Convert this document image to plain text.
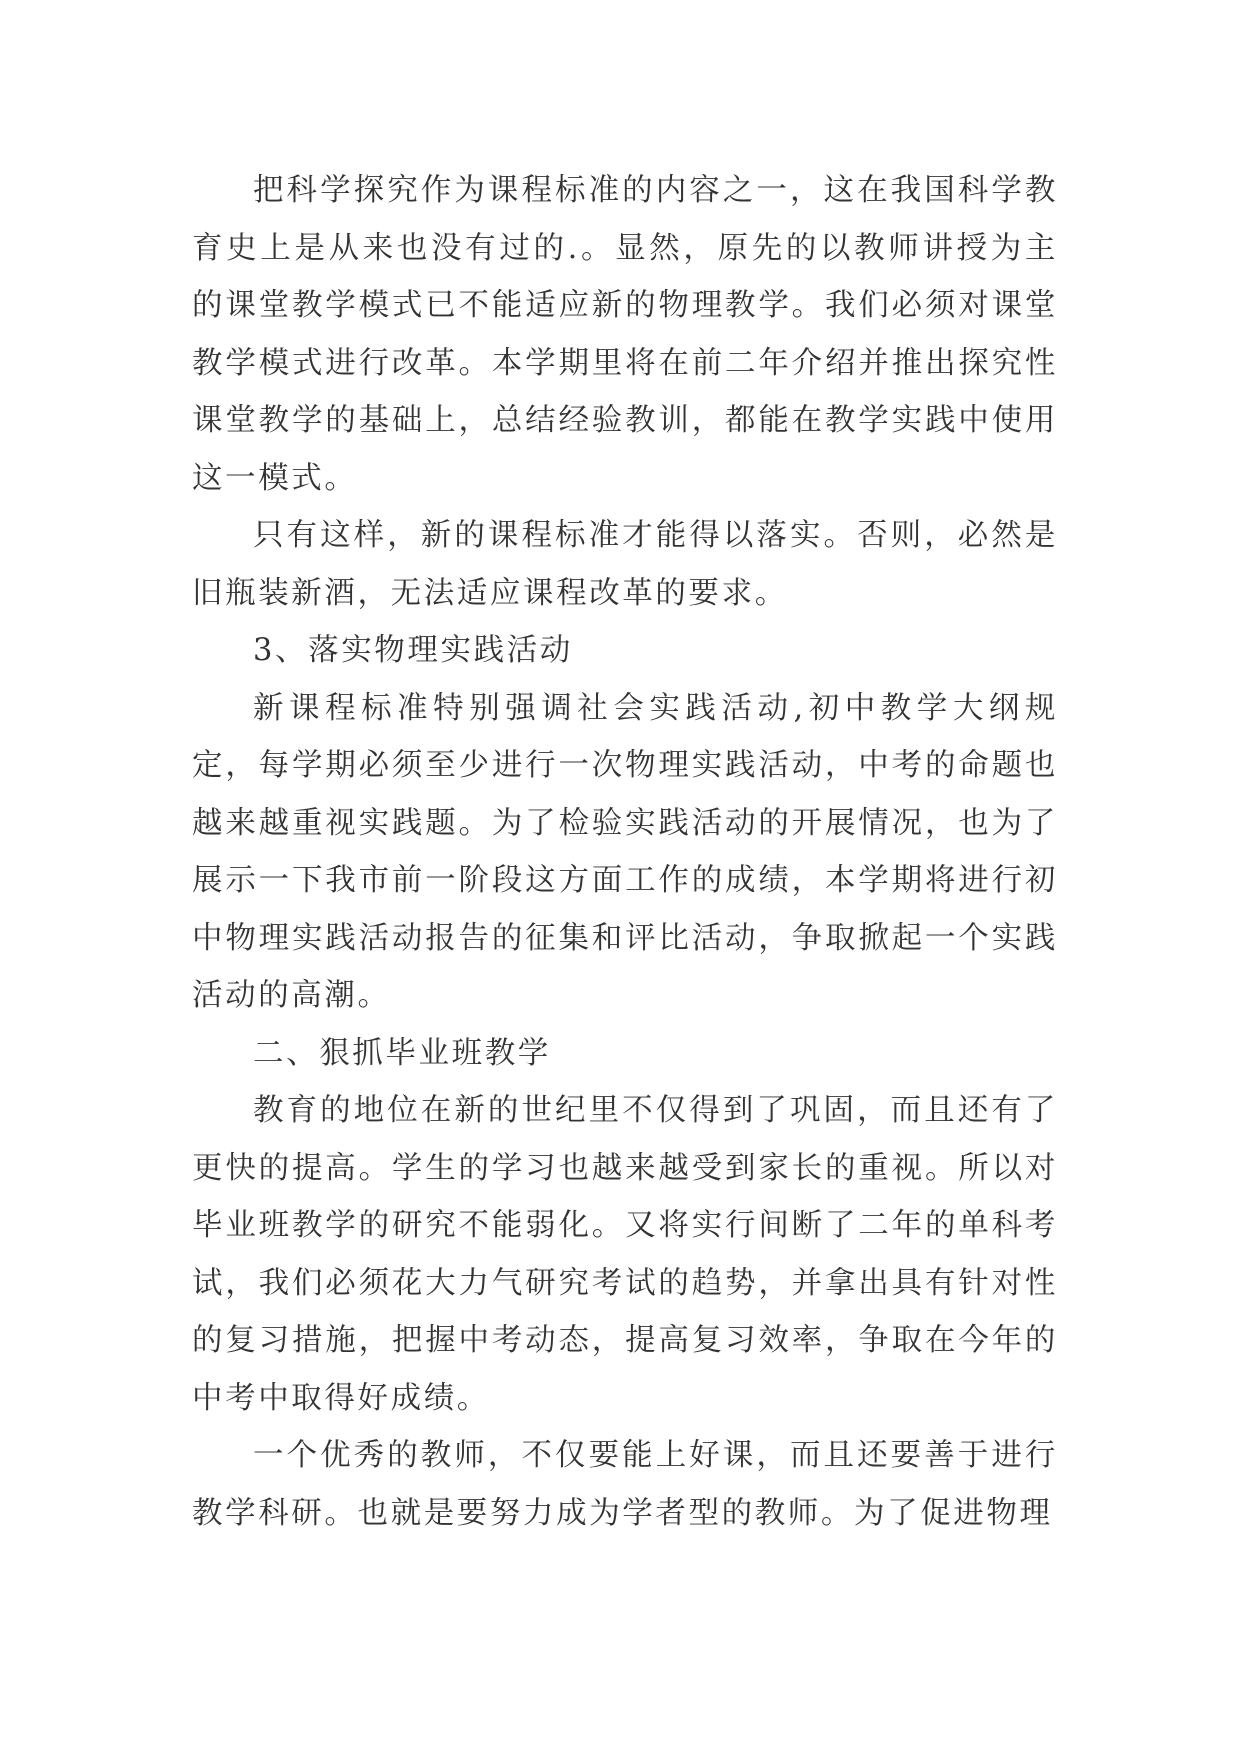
把科学探究作为课程标准的内容之一，这在我国科学教育史上是从来也没有过的.。显然，原先的以教师讲授为主的课堂教学模式已不能适应新的物理教学。我们必须对课堂教学模式进行改革。本学期里将在前二年介绍并推出探究性课堂教学的基础上，总结经验教训，都能在教学实践中使用这一模式。

只有这样，新的课程标准才能得以落实。否则，必然是旧瓶装新酒，无法适应课程改革的要求。

3、落实物理实践活动

新课程标准特别强调社会实践活动,初中教学大纲规定，每学期必须至少进行一次物理实践活动，中考的命题也越来越重视实践题。为了检验实践活动的开展情况，也为了展示一下我市前一阶段这方面工作的成绩，本学期将进行初中物理实践活动报告的征集和评比活动，争取掀起一个实践活动的高潮。

二、狠抓毕业班教学

教育的地位在新的世纪里不仅得到了巩固，而且还有了更快的提高。学生的学习也越来越受到家长的重视。所以对毕业班教学的研究不能弱化。又将实行间断了二年的单科考试，我们必须花大力气研究考试的趋势，并拿出具有针对性的复习措施，把握中考动态，提高复习效率，争取在今年的中考中取得好成绩。

一个优秀的教师，不仅要能上好课，而且还要善于进行教学科研。也就是要努力成为学者型的教师。为了促进物理
